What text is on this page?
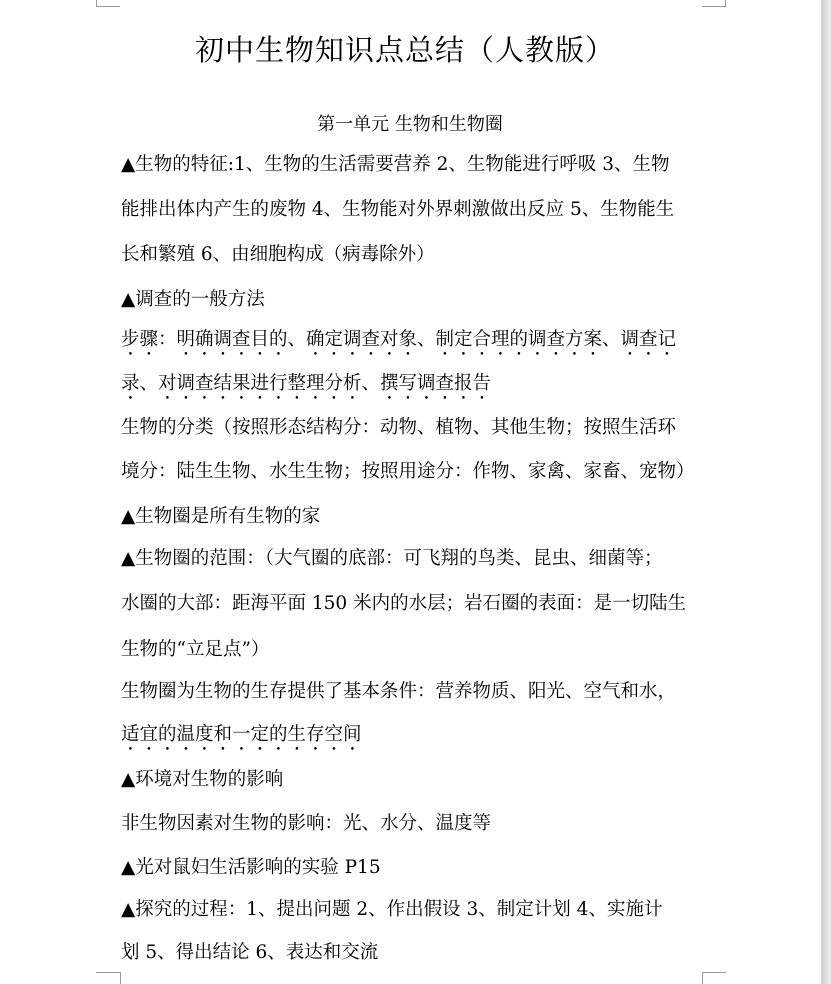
初中生物知识点总结（人教版）
第一单元 生物和生物圈

▲生物的特征:1、生物的生活需要营养 2、生物能进行呼吸 3、生物

能排出体内产生的废物 4、生物能对外界刺激做出反应 5、生物能生

长和繁殖 6、由细胞构成（病毒除外）

▲调查的一般方法

步骤：明确调查目的、确定调查对象、制定合理的调查方案、调查记

录、对调查结果进行整理分析、撰写调查报告

生物的分类（按照形态结构分：动物、植物、其他生物；按照生活环

境分：陆生生物、水生生物；按照用途分：作物、家禽、家畜、宠物）

▲生物圈是所有生物的家

▲生物圈的范围：（大气圈的底部：可飞翔的鸟类、昆虫、细菌等；

水圈的大部：距海平面 150 米内的水层；岩石圈的表面：是一切陆生

生物的“立足点”）

生物圈为生物的生存提供了基本条件：营养物质、阳光、空气和水，

适宜的温度和一定的生存空间

▲环境对生物的影响

非生物因素对生物的影响：光、水分、温度等

▲光对鼠妇生活影响的实验 P15

▲探究的过程：1、提出问题 2、作出假设 3、制定计划 4、实施计

划 5、得出结论 6、表达和交流
